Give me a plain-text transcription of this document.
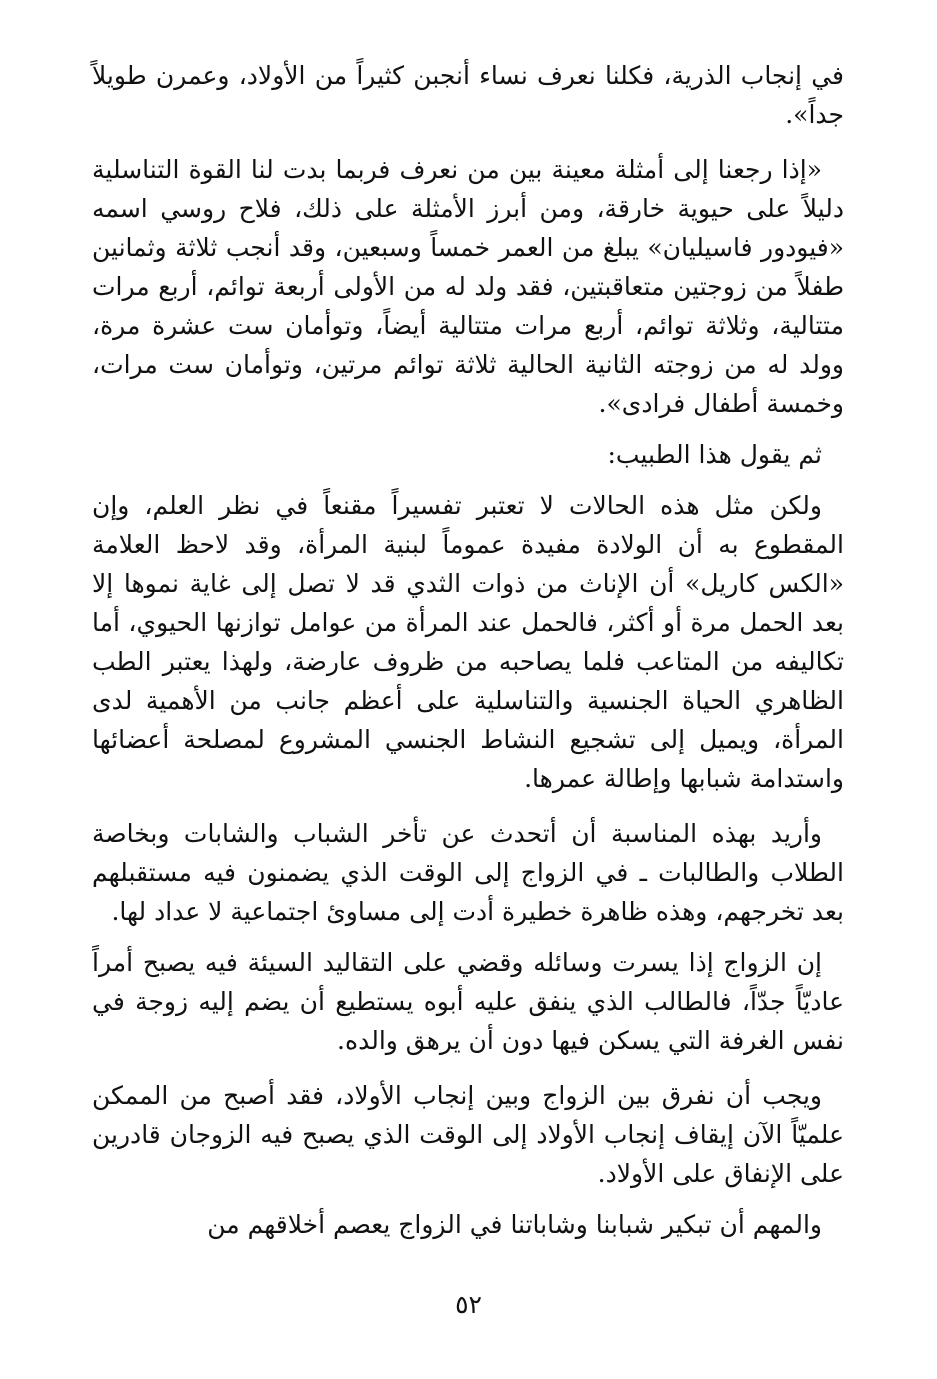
في إنجاب الذرية، فكلنا نعرف نساء أنجبن كثيراً من الأولاد، وعمرن طويلاً جداً».

«إذا رجعنا إلى أمثلة معينة بين من نعرف فربما بدت لنا القوة التناسلية دليلاً على حيوية خارقة، ومن أبرز الأمثلة على ذلك، فلاح روسي اسمه «فيودور فاسيليان» يبلغ من العمر خمساً وسبعين، وقد أنجب ثلاثة وثمانين طفلاً من زوجتين متعاقبتين، فقد ولد له من الأولى أربعة توائم، أربع مرات متتالية، وثلاثة توائم، أربع مرات متتالية أيضاً، وتوأمان ست عشرة مرة، وولد له من زوجته الثانية الحالية ثلاثة توائم مرتين، وتوأمان ست مرات، وخمسة أطفال فرادى».

ثم يقول هذا الطبيب:

ولكن مثل هذه الحالات لا تعتبر تفسيراً مقنعاً في نظر العلم، وإن المقطوع به أن الولادة مفيدة عموماً لبنية المرأة، وقد لاحظ العلامة «الكس كاريل» أن الإناث من ذوات الثدي قد لا تصل إلى غاية نموها إلا بعد الحمل مرة أو أكثر، فالحمل عند المرأة من عوامل توازنها الحيوي، أما تكاليفه من المتاعب فلما يصاحبه من ظروف عارضة، ولهذا يعتبر الطب الظاهري الحياة الجنسية والتناسلية على أعظم جانب من الأهمية لدى المرأة، ويميل إلى تشجيع النشاط الجنسي المشروع لمصلحة أعضائها واستدامة شبابها وإطالة عمرها.

وأريد بهذه المناسبة أن أتحدث عن تأخر الشباب والشابات وبخاصة الطلاب والطالبات ـ في الزواج إلى الوقت الذي يضمنون فيه مستقبلهم بعد تخرجهم، وهذه ظاهرة خطيرة أدت إلى مساوئ اجتماعية لا عداد لها.

إن الزواج إذا يسرت وسائله وقضي على التقاليد السيئة فيه يصبح أمراً عاديّاً جدّاً، فالطالب الذي ينفق عليه أبوه يستطيع أن يضم إليه زوجة في نفس الغرفة التي يسكن فيها دون أن يرهق والده.

ويجب أن نفرق بين الزواج وبين إنجاب الأولاد، فقد أصبح من الممكن علميّاً الآن إيقاف إنجاب الأولاد إلى الوقت الذي يصبح فيه الزوجان قادرين على الإنفاق على الأولاد.

والمهم أن تبكير شبابنا وشاباتنا في الزواج يعصم أخلاقهم من

٥٢
